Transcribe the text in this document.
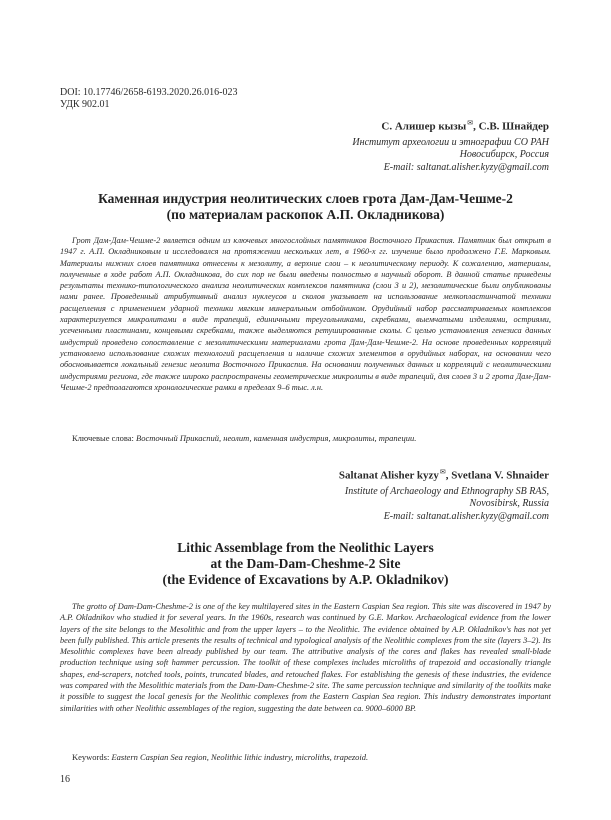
DOI: 10.17746/2658-6193.2020.26.016-023
УДК 902.01
С. Алишер кызы✉, С.В. Шнайдер
Институт археологии и этнографии СО РАН
Новосибирск, Россия
E-mail: saltanat.alisher.kyzy@gmail.com
Каменная индустрия неолитических слоев грота Дам-Дам-Чешме-2
(по материалам раскопок А.П. Окладникова)

Грот Дам-Дам-Чешме-2 является одним из ключевых многослойных памятников Восточного Прикаспия. Памятник был открыт в 1947 г. А.П. Окладниковым и исследовался на протяжении нескольких лет, в 1960-х гг. изучение было продолжено Г.Е. Марковым. Материалы нижних слоев памятника отнесены к мезолиту, а верхние слои – к неолитическому периоду. К сожалению, материалы, полученные в ходе работ А.П. Окладникова, до сих пор не были введены полностью в научный оборот. В данной статье приведены результаты технико-типологического анализа неолитических комплексов памятника (слои 3 и 2), мезолитические были опубликованы нами ранее. Проведенный атрибутивный анализ нуклеусов и сколов указывает на использование мелкопластинчатой техники расщепления с применением ударной техники мягким минеральным отбойником. Орудийный набор рассматриваемых комплексов характеризуется микролитами в виде трапеций, единичными треугольниками, скребками, выемчатыми изделиями, остриями, усеченными пластинами, концевыми скребками, также выделяются ретушированные сколы. С целью установления генезиса данных индустрий проведено сопоставление с мезолитическими материалами грота Дам-Дам-Чешме-2. На основе проведенных корреляций установлено использование схожих технологий расщепления и наличие схожих элементов в орудийных наборах, на основании чего обосновывается локальный генезис неолита Восточного Прикаспия. На основании полученных данных и корреляций с неолитическими индустриями региона, где также широко распространены геометрические микролиты в виде трапеций, для слоев 3 и 2 грота Дам-Дам-Чешме-2 предполагаются хронологические рамки в пределах 9–6 тыс. л.н.

Ключевые слова: Восточный Прикаспий, неолит, каменная индустрия, микролиты, трапеции.
Saltanat Alisher kyzy✉, Svetlana V. Shnaider
Institute of Archaeology and Ethnography SB RAS,
Novosibirsk, Russia
E-mail: saltanat.alisher.kyzy@gmail.com
Lithic Assemblage from the Neolithic Layers
at the Dam-Dam-Cheshme-2 Site
(the Evidence of Excavations by A.P. Okladnikov)

The grotto of Dam-Dam-Cheshme-2 is one of the key multilayered sites in the Eastern Caspian Sea region. This site was discovered in 1947 by A.P. Okladnikov who studied it for several years. In the 1960s, research was continued by G.E. Markov. Archaeological evidence from the lower layers of the site belongs to the Mesolithic and from the upper layers – to the Neolithic. The evidence obtained by A.P. Okladnikov's has not yet been fully published. This article presents the results of technical and typological analysis of the Neolithic complexes from the site (layers 3–2). Its Mesolithic complexes have been already published by our team. The attributive analysis of the cores and flakes has revealed small-blade production technique using soft hammer percussion. The toolkit of these complexes includes microliths of trapezoid and occasionally triangle shapes, end-scrapers, notched tools, points, truncated blades, and retouched flakes. For establishing the genesis of these industries, the evidence was compared with the Mesolithic materials from the Dam-Dam-Cheshme-2 site. The same percussion technique and similarity of the toolkits make it possible to suggest the local genesis for the Neolithic complexes from the Eastern Caspian Sea region. This industry demonstrates important similarities with other Neolithic assemblages of the region, suggesting the date between ca. 9000–6000 BP.

Keywords: Eastern Caspian Sea region, Neolithic lithic industry, microliths, trapezoid.
16
